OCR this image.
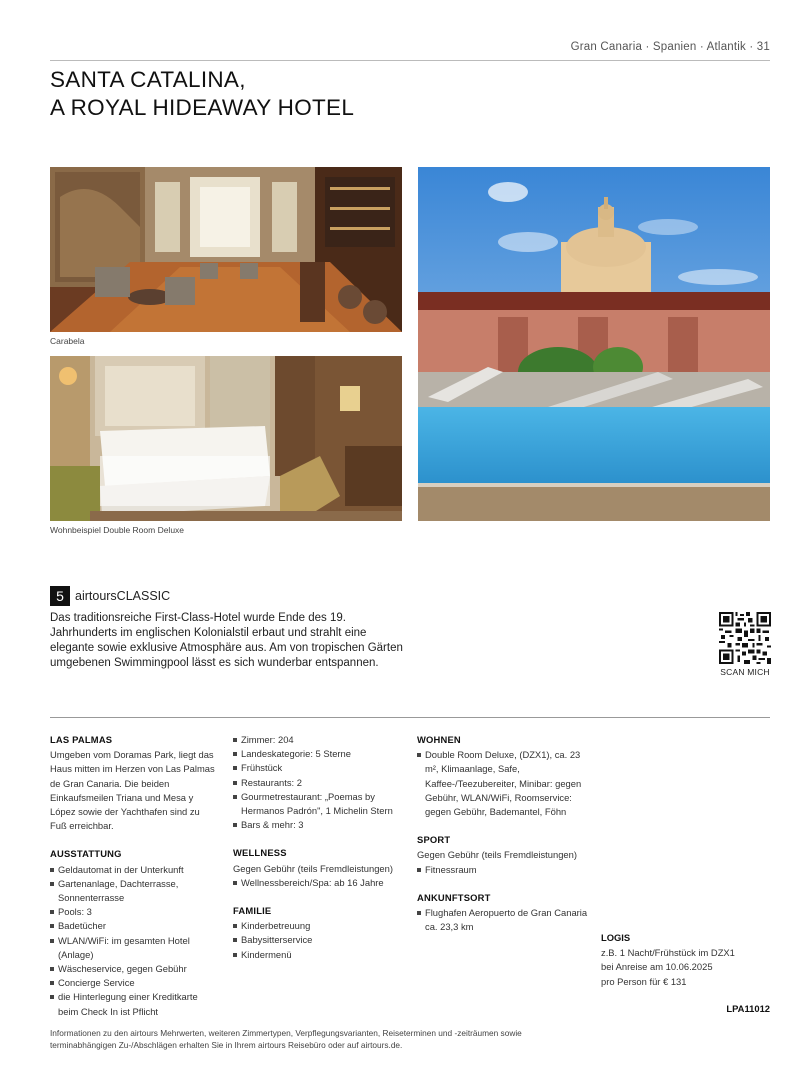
Gran Canaria · Spanien · Atlantik · 31
SANTA CATALINA,
A ROYAL HIDEAWAY HOTEL
Carabela
Wohnbeispiel Double Room Deluxe
5 airtoursCLASSIC

Das traditionsreiche First-Class-Hotel wurde Ende des 19. Jahrhunderts im englischen Kolonialstil erbaut und strahlt eine elegante sowie exklusive Atmosphäre aus. Am von tropischen Gärten umgebenen Swimmingpool lässt es sich wunderbar entspannen.

SCAN MICH
LAS PALMAS

Umgeben vom Doramas Park, liegt das Haus mitten im Herzen von Las Palmas de Gran Canaria. Die beiden Einkaufsmeilen Triana und Mesa y López sowie der Yachthafen sind zu Fuß erreichbar.

AUSSTATTUNG
Geldautomat in der Unterkunft
Gartenanlage, Dachterrasse, Sonnenterrasse
Pools: 3
Badetücher
WLAN/WiFi: im gesamten Hotel (Anlage)
Wäscheservice, gegen Gebühr
Concierge Service
die Hinterlegung einer Kreditkarte beim Check In ist Pflicht
Zimmer: 204
Landeskategorie: 5 Sterne
Frühstück
Restaurants: 2
Gourmetrestaurant: „Poemas by Hermanos Padrón", 1 Michelin Stern
Bars & mehr: 3
WELLNESS

Gegen Gebühr (teils Fremdleistungen)

Wellnessbereich/Spa: ab 16 Jahre
FAMILIE
Kinderbetreuung
Babysitterservice
Kindermenü
WOHNEN
Double Room Deluxe, (DZX1), ca. 23 m², Klimaanlage, Safe, Kaffee-/Teezubereiter, Minibar: gegen Gebühr, WLAN/WiFi, Roomservice: gegen Gebühr, Bademantel, Föhn
SPORT

Gegen Gebühr (teils Fremdleistungen)

Fitnessraum
ANKUNFTSORT
Flughafen Aeropuerto de Gran Canaria ca. 23,3 km
LOGIS
z.B. 1 Nacht/Frühstück im DZX1
bei Anreise am 10.06.2025
pro Person für € 131
LPA11012

Informationen zu den airtours Mehrwerten, weiteren Zimmertypen, Verpflegungsvarianten, Reiseterminen und -zeiträumen sowie terminabhängigen Zu-/Abschlägen erhalten Sie in Ihrem airtours Reisebüro oder auf airtours.de.
